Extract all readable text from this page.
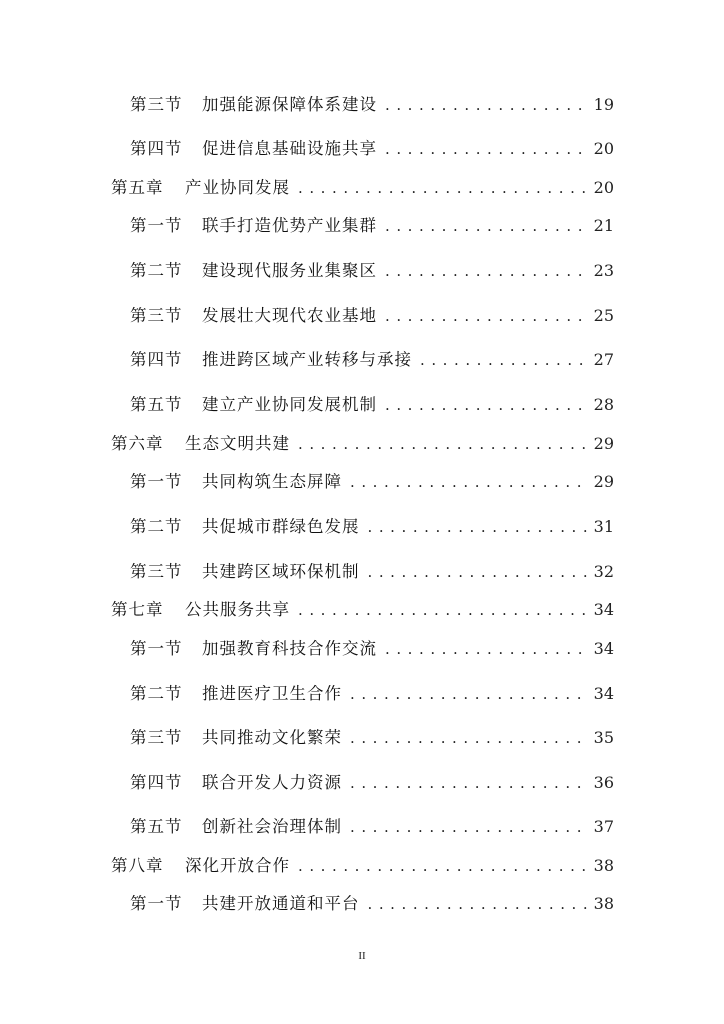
第三节	加强能源保障体系建设 . . .	19
第四节	促进信息基础设施共享 . . .	20
第五章	产业协同发展 . . .	20
第一节	联手打造优势产业集群 . . .	21
第二节	建设现代服务业集聚区 . . .	23
第三节	发展壮大现代农业基地 . . .	25
第四节	推进跨区域产业转移与承接 . . .	27
第五节	建立产业协同发展机制 . . .	28
第六章	生态文明共建 . . .	29
第一节	共同构筑生态屏障 . . .	29
第二节	共促城市群绿色发展 . . .	31
第三节	共建跨区域环保机制 . . .	32
第七章	公共服务共享 . . .	34
第一节	加强教育科技合作交流 . . .	34
第二节	推进医疗卫生合作 . . .	34
第三节	共同推动文化繁荣 . . .	35
第四节	联合开发人力资源 . . .	36
第五节	创新社会治理体制 . . .	37
第八章	深化开放合作 . . .	38
第一节	共建开放通道和平台 . . .	38
II
